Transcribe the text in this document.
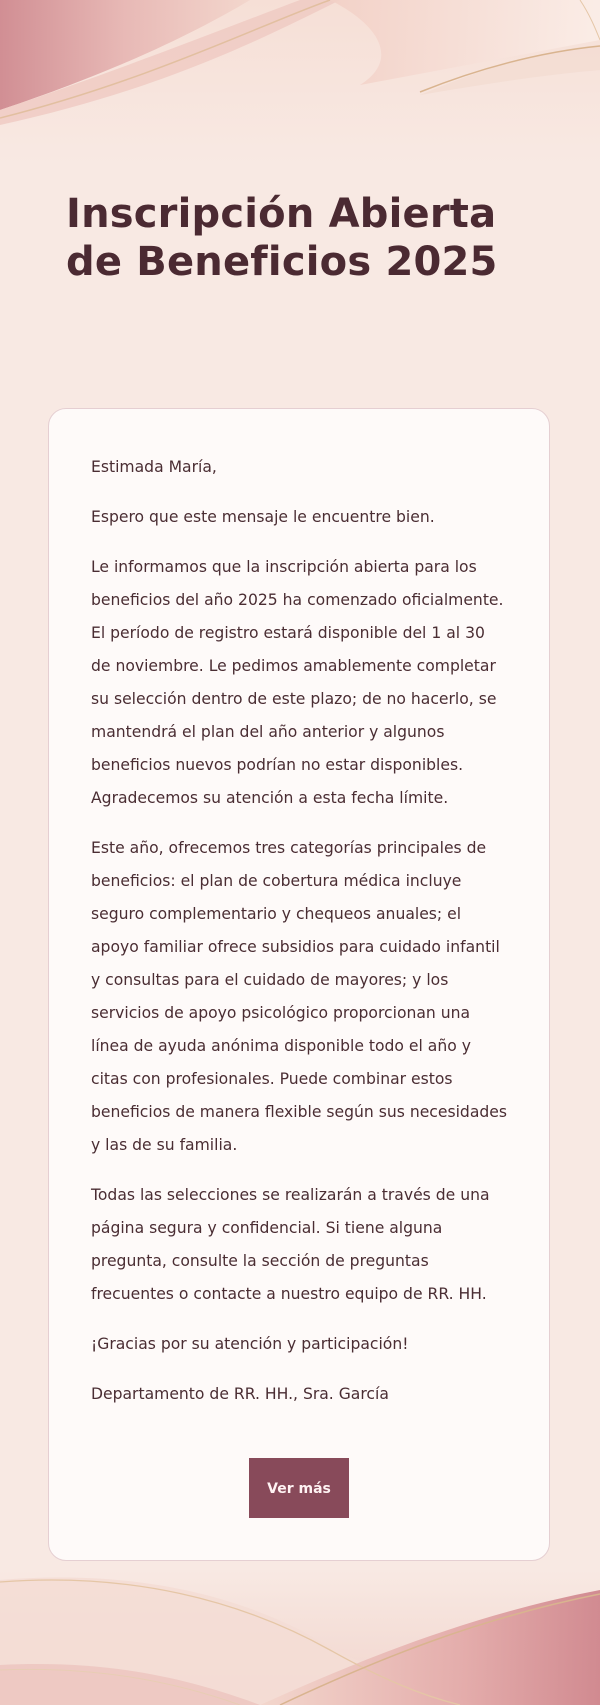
Inscripción Abierta de Beneficios 2025

Estimada María,

Espero que este mensaje le encuentre bien.

Le informamos que la inscripción abierta para los beneficios del año 2025 ha comenzado oficialmente. El período de registro estará disponible del 1 al 30 de noviembre. Le pedimos amablemente completar su selección dentro de este plazo; de no hacerlo, se mantendrá el plan del año anterior y algunos beneficios nuevos podrían no estar disponibles. Agradecemos su atención a esta fecha límite.

Este año, ofrecemos tres categorías principales de beneficios: el plan de cobertura médica incluye seguro complementario y chequeos anuales; el apoyo familiar ofrece subsidios para cuidado infantil y consultas para el cuidado de mayores; y los servicios de apoyo psicológico proporcionan una línea de ayuda anónima disponible todo el año y citas con profesionales. Puede combinar estos beneficios de manera flexible según sus necesidades y las de su familia.

Todas las selecciones se realizarán a través de una página segura y confidencial. Si tiene alguna pregunta, consulte la sección de preguntas frecuentes o contacte a nuestro equipo de RR. HH.

¡Gracias por su atención y participación!

Departamento de RR. HH., Sra. García

Ver más
